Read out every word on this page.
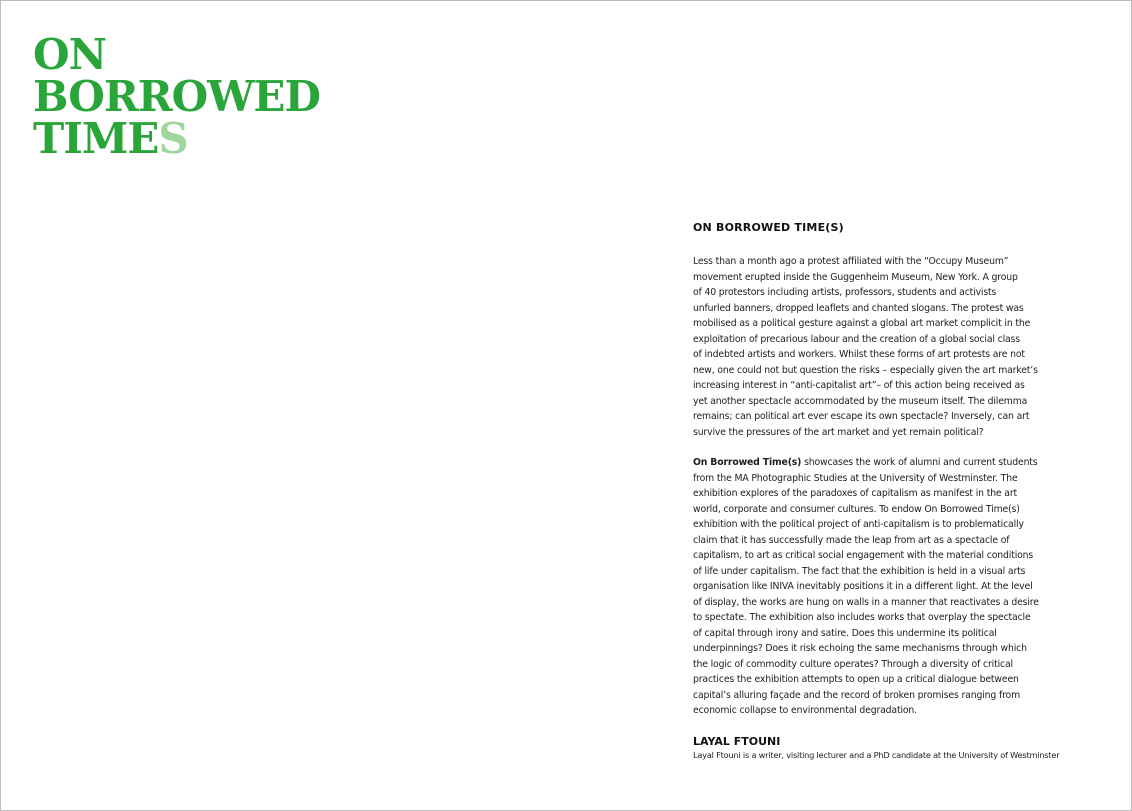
ON
BORROWED
TIMES
ON BORROWED TIME(S)

Less than a month ago a protest affiliated with the “Occupy Museum”
movement erupted inside the Guggenheim Museum, New York. A group
of 40 protestors including artists, professors, students and activists
unfurled banners, dropped leaflets and chanted slogans. The protest was
mobilised as a political gesture against a global art market complicit in the
exploitation of precarious labour and the creation of a global social class
of indebted artists and workers. Whilst these forms of art protests are not
new, one could not but question the risks – especially given the art market’s
increasing interest in “anti-capitalist art”– of this action being received as
yet another spectacle accommodated by the museum itself. The dilemma
remains; can political art ever escape its own spectacle? Inversely, can art
survive the pressures of the art market and yet remain political?

On Borrowed Time(s) showcases the work of alumni and current students
from the MA Photographic Studies at the University of Westminster. The
exhibition explores of the paradoxes of capitalism as manifest in the art
world, corporate and consumer cultures. To endow On Borrowed Time(s)
exhibition with the political project of anti-capitalism is to problematically
claim that it has successfully made the leap from art as a spectacle of
capitalism, to art as critical social engagement with the material conditions
of life under capitalism. The fact that the exhibition is held in a visual arts
organisation like INIVA inevitably positions it in a different light. At the level
of display, the works are hung on walls in a manner that reactivates a desire
to spectate. The exhibition also includes works that overplay the spectacle
of capital through irony and satire. Does this undermine its political
underpinnings? Does it risk echoing the same mechanisms through which
the logic of commodity culture operates? Through a diversity of critical
practices the exhibition attempts to open up a critical dialogue between
capital’s alluring façade and the record of broken promises ranging from
economic collapse to environmental degradation.

LAYAL FTOUNI
Layal Ftouni is a writer, visiting lecturer and a PhD candidate at the University of Westminster
